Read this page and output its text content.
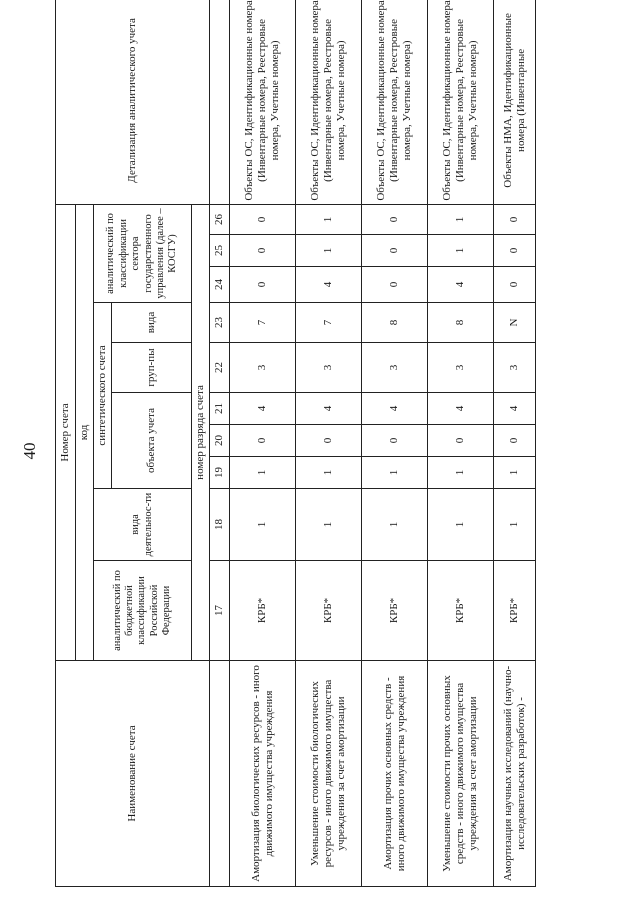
40
Наименование счета	Номер счета										Детализация аналитического учета
	код										
	аналитический по бюджетной классификации Российской Федерации	вида деятельнос-ти	синтетического счета					аналитический по классификации сектора государственного управления (далее – КОСГУ)			
			объекта учета			груп-пы	вида				
	номер разряда счета										
	17	18	19	20	21	22	23	24	25	26	
Амортизация биологических ресурсов - иного движимого имущества учреждения	КРБ*	1	1	0	4	3	7	0	0	0	Объекты ОС, Идентификационные номера (Инвентарные номера, Реестровые номера, Учетные номера)
Уменьшение стоимости биологических ресурсов - иного движимого имущества учреждения за счет амортизации	КРБ*	1	1	0	4	3	7	4	1	1	Объекты ОС, Идентификационные номера (Инвентарные номера, Реестровые номера, Учетные номера)
Амортизация прочих основных средств - иного движимого имущества учреждения	КРБ*	1	1	0	4	3	8	0	0	0	Объекты ОС, Идентификационные номера (Инвентарные номера, Реестровые номера, Учетные номера)
Уменьшение стоимости прочих основных средств - иного движимого имущества учреждения за счет амортизации	КРБ*	1	1	0	4	3	8	4	1	1	Объекты ОС, Идентификационные номера (Инвентарные номера, Реестровые номера, Учетные номера)
Амортизация научных исследований (научно-исследовательских разработок) -	КРБ*	1	1	0	4	3	N	0	0	0	Объекты НМА, Идентификационные номера (Инвентарные
